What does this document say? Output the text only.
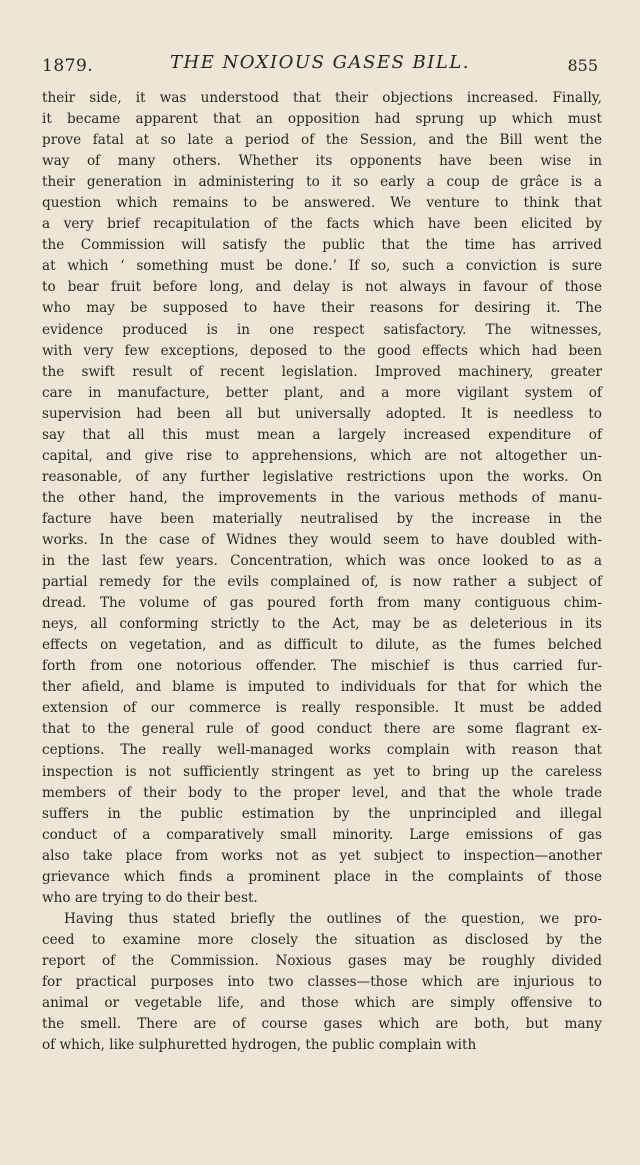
1879.	THE NOXIOUS GASES BILL.	855

their side, it was understood that their objections increased. Finally,
it became apparent that an opposition had sprung up which must
prove fatal at so late a period of the Session, and the Bill went the
way of many others. Whether its opponents have been wise in
their generation in administering to it so early a coup de grâce is a
question which remains to be answered. We venture to think that
a very brief recapitulation of the facts which have been elicited by
the Commission will satisfy the public that the time has arrived
at which ‘ something must be done.’ If so, such a conviction is sure
to bear fruit before long, and delay is not always in favour of those
who may be supposed to have their reasons for desiring it. The
evidence produced is in one respect satisfactory. The witnesses,
with very few exceptions, deposed to the good effects which had been
the swift result of recent legislation. Improved machinery, greater
care in manufacture, better plant, and a more vigilant system of
supervision had been all but universally adopted. It is needless to
say that all this must mean a largely increased expenditure of
capital, and give rise to apprehensions, which are not altogether un-
reasonable, of any further legislative restrictions upon the works. On
the other hand, the improvements in the various methods of manu-
facture have been materially neutralised by the increase in the
works. In the case of Widnes they would seem to have doubled with-
in the last few years. Concentration, which was once looked to as a
partial remedy for the evils complained of, is now rather a subject of
dread. The volume of gas poured forth from many contiguous chim-
neys, all conforming strictly to the Act, may be as deleterious in its
effects on vegetation, and as difficult to dilute, as the fumes belched
forth from one notorious offender. The mischief is thus carried fur-
ther afield, and blame is imputed to individuals for that for which the
extension of our commerce is really responsible. It must be added
that to the general rule of good conduct there are some flagrant ex-
ceptions. The really well-managed works complain with reason that
inspection is not sufficiently stringent as yet to bring up the careless
members of their body to the proper level, and that the whole trade
suffers in the public estimation by the unprincipled and illegal
conduct of a comparatively small minority. Large emissions of gas
also take place from works not as yet subject to inspection—another
grievance which finds a prominent place in the complaints of those
who are trying to do their best.

Having thus stated briefly the outlines of the question, we pro-
ceed to examine more closely the situation as disclosed by the
report of the Commission. Noxious gases may be roughly divided
for practical purposes into two classes—those which are injurious to
animal or vegetable life, and those which are simply offensive to
the smell. There are of course gases which are both, but many
of which, like sulphuretted hydrogen, the public complain with
